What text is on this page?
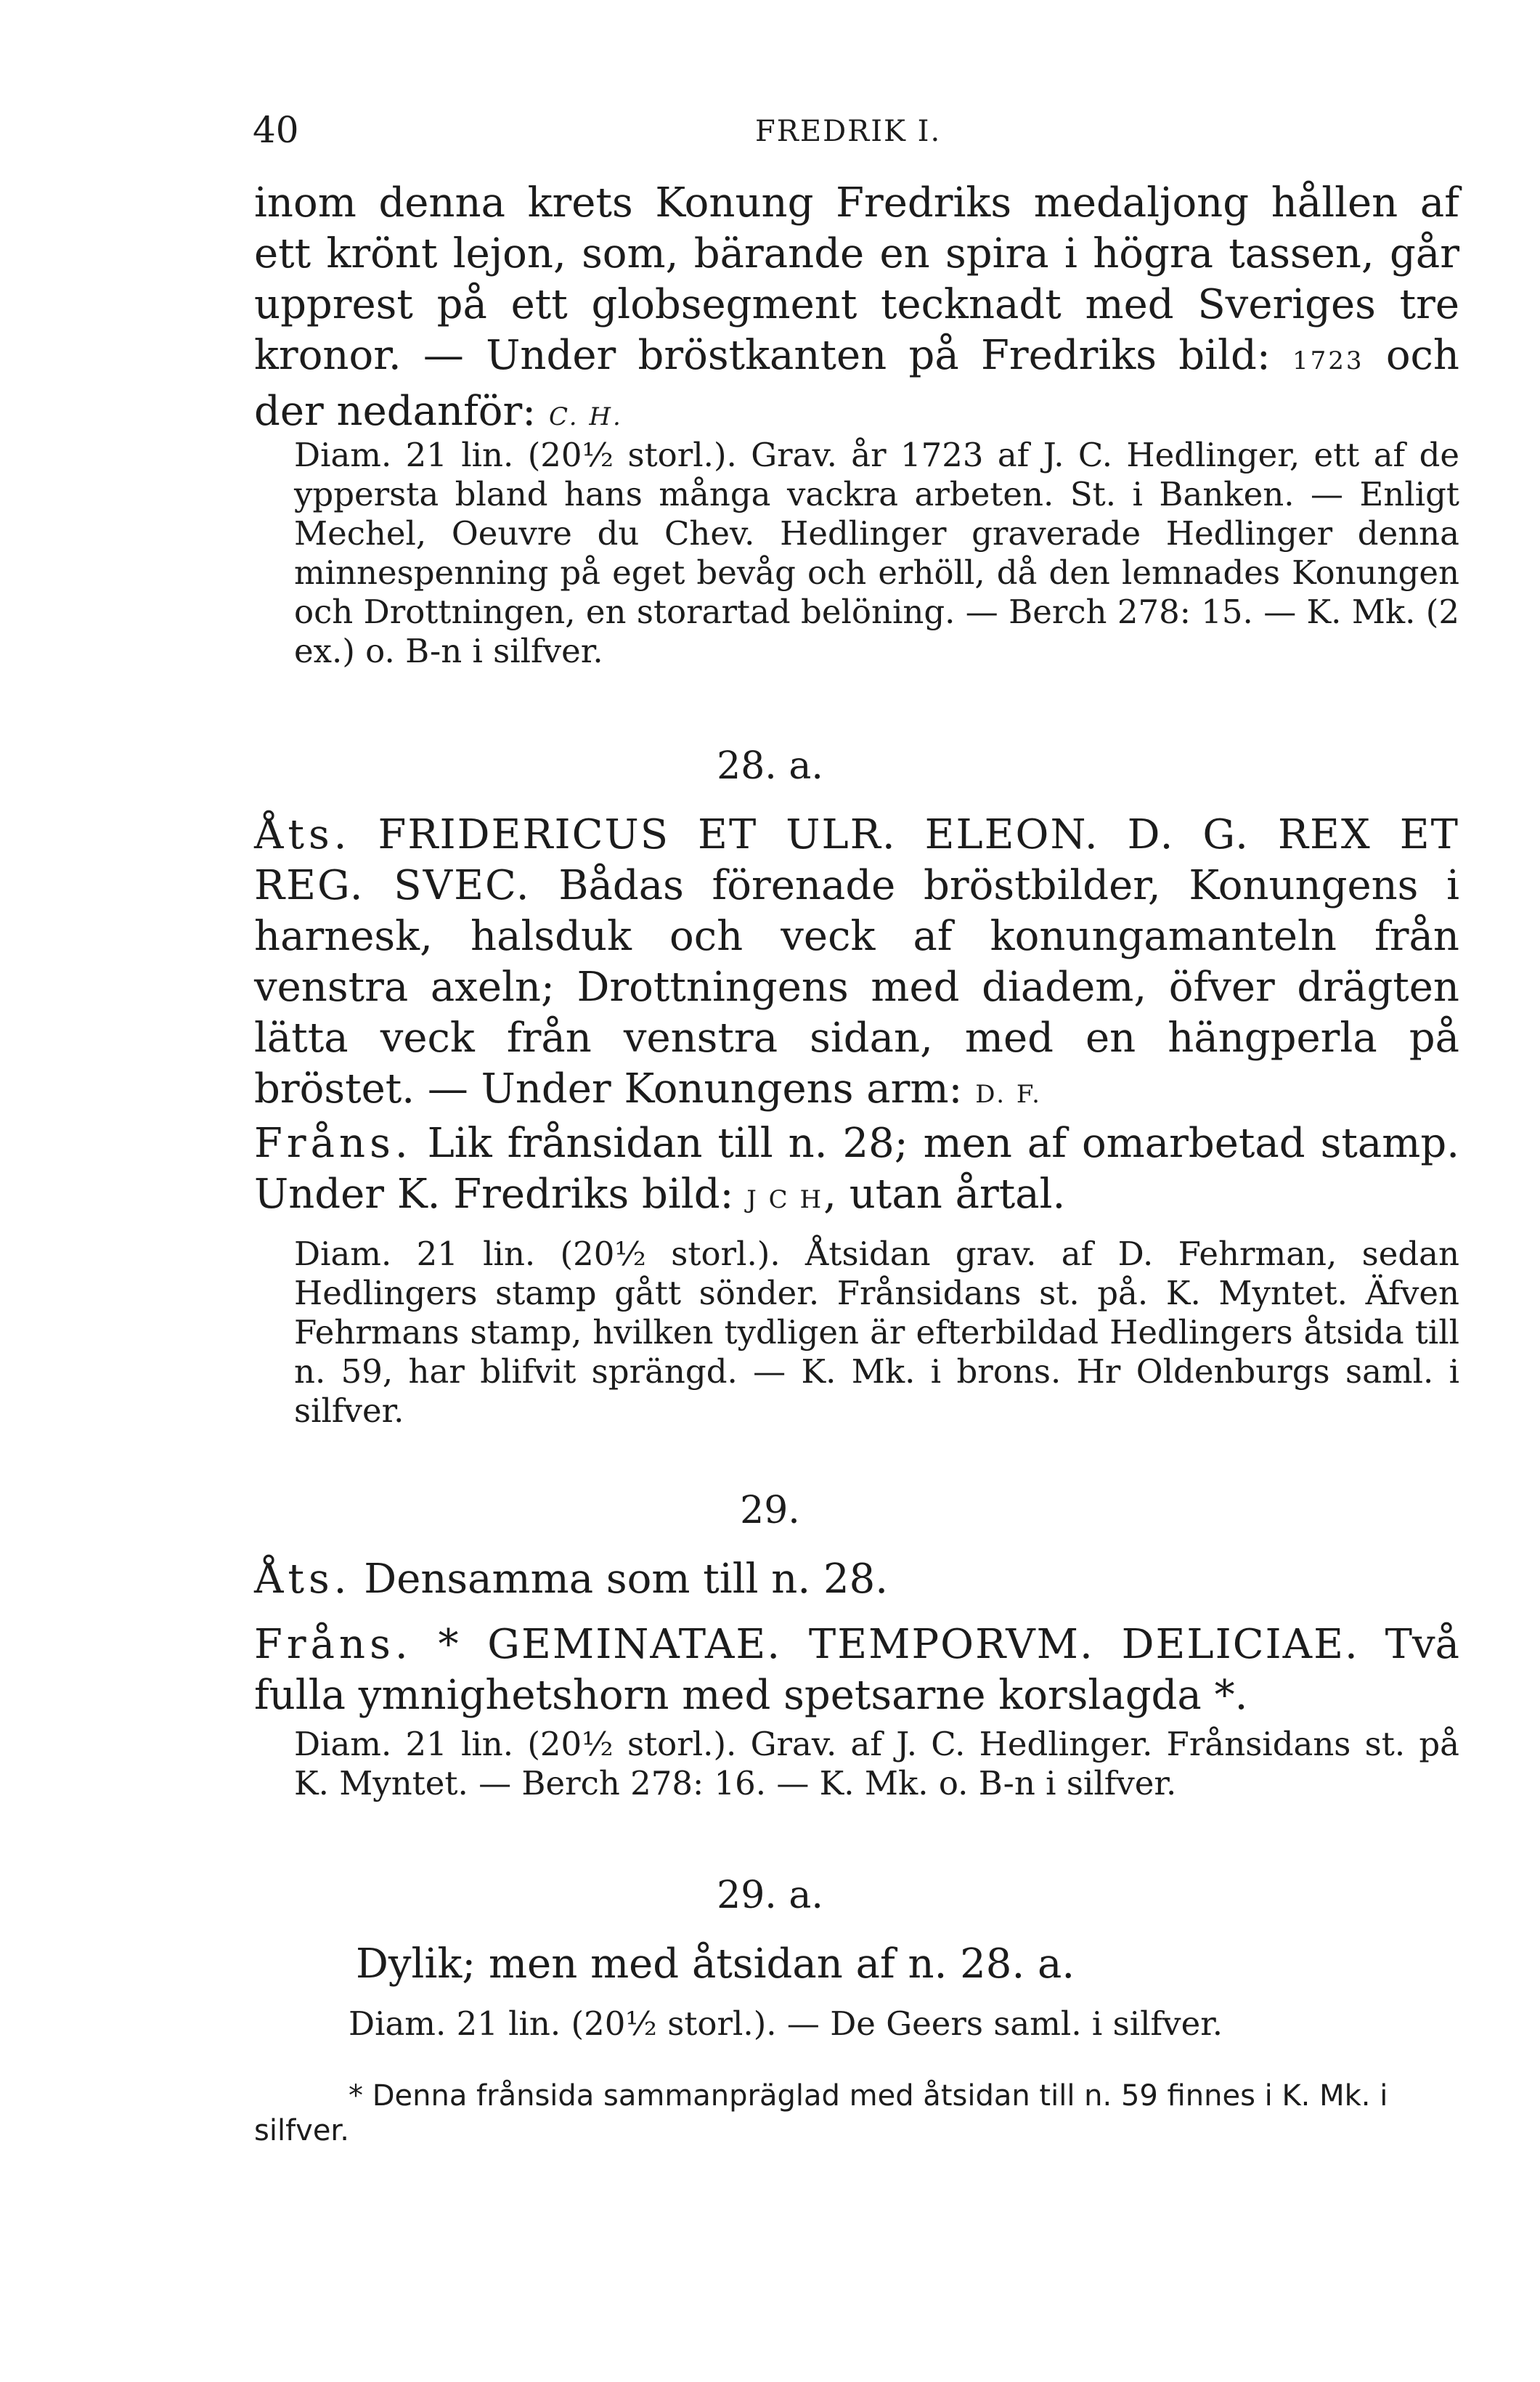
40	FREDRIK I.
inom denna krets Konung Fredriks medaljong hållen af ett krönt lejon, som, bärande en spira i högra tassen, går upprest på ett globsegment tecknadt med Sveriges tre kronor. — Under bröstkanten på Fredriks bild: 1723 och der nedanför: C. H.
Diam. 21 lin. (20½ storl.). Grav. år 1723 af J. C. Hedlinger, ett af de yppersta bland hans många vackra arbeten. St. i Banken. — Enligt Mechel, Oeuvre du Chev. Hedlinger graverade Hedlinger denna minnespenning på eget bevåg och erhöll, då den lemnades Konungen och Drottningen, en storartad belöning. — Berch 278: 15. — K. Mk. (2 ex.) o. B-n i silfver.
28. a.
Åts. FRIDERICUS ET ULR. ELEON. D. G. REX ET REG. SVEC. Bådas förenade bröstbilder, Konungens i harnesk, halsduk och veck af konungamanteln från venstra axeln; Drottningens med diadem, öfver drägten lätta veck från venstra sidan, med en hängperla på bröstet. — Under Konungens arm: D. F.
Fråns. Lik frånsidan till n. 28; men af omarbetad stamp. Under K. Fredriks bild: J C H, utan årtal.
Diam. 21 lin. (20½ storl.). Åtsidan grav. af D. Fehrman, sedan Hedlingers stamp gått sönder. Frånsidans st. på. K. Myntet. Äfven Fehrmans stamp, hvilken tydligen är efterbildad Hedlingers åtsida till n. 59, har blifvit sprängd. — K. Mk. i brons. Hr Oldenburgs saml. i silfver.
29.
Åts. Densamma som till n. 28.
Fråns. * GEMINATAE. TEMPORVM. DELICIAE. Två fulla ymnighetshorn med spetsarne korslagda *.
Diam. 21 lin. (20½ storl.). Grav. af J. C. Hedlinger. Frånsidans st. på K. Myntet. — Berch 278: 16. — K. Mk. o. B-n i silfver.
29. a.
Dylik; men med åtsidan af n. 28. a.
Diam. 21 lin. (20½ storl.). — De Geers saml. i silfver.
* Denna frånsida sammanpräglad med åtsidan till n. 59 finnes i K. Mk. i silfver.
